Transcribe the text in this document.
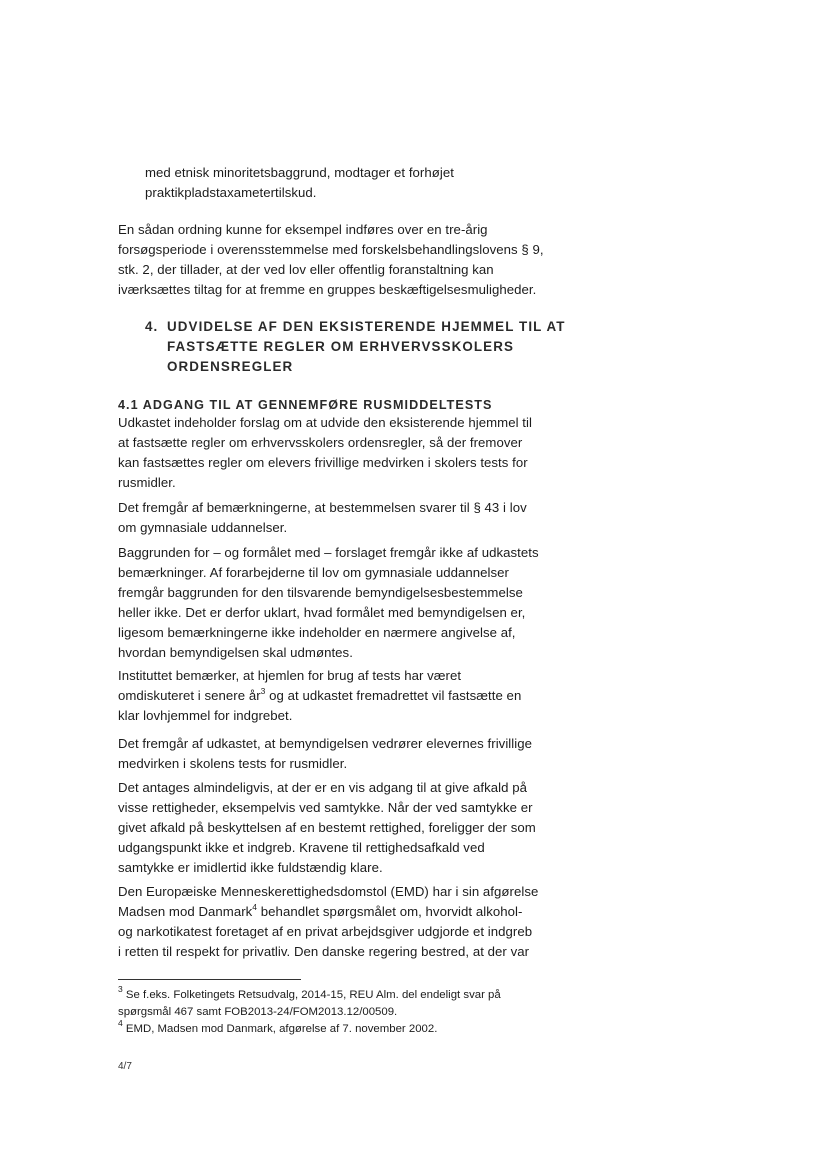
med etnisk minoritetsbaggrund, modtager et forhøjet
praktikpladstaxametertilskud.
En sådan ordning kunne for eksempel indføres over en tre-årig
forsøgsperiode i overensstemmelse med forskelsbehandlingslovens § 9,
stk. 2, der tillader, at der ved lov eller offentlig foranstaltning kan
iværksættes tiltag for at fremme en gruppes beskæftigelsesmuligheder.
4. UDVIDELSE AF DEN EKSISTERENDE HJEMMEL TIL AT
FASTSÆTTE REGLER OM ERHVERVSSKOLERS
ORDENSREGLER
4.1 ADGANG TIL AT GENNEMFØRE RUSMIDDELTESTS
Udkastet indeholder forslag om at udvide den eksisterende hjemmel til
at fastsætte regler om erhvervsskolers ordensregler, så der fremover
kan fastsættes regler om elevers frivillige medvirken i skolers tests for
rusmidler.
Det fremgår af bemærkningerne, at bestemmelsen svarer til § 43 i lov
om gymnasiale uddannelser.
Baggrunden for – og formålet med – forslaget fremgår ikke af udkastets
bemærkninger. Af forarbejderne til lov om gymnasiale uddannelser
fremgår baggrunden for den tilsvarende bemyndigelsesbestemmelse
heller ikke. Det er derfor uklart, hvad formålet med bemyndigelsen er,
ligesom bemærkningerne ikke indeholder en nærmere angivelse af,
hvordan bemyndigelsen skal udmøntes.
Instituttet bemærker, at hjemlen for brug af tests har været
omdiskuteret i senere $år^3$ og at udkastet fremadrettet vil fastsætte en
klar lovhjemmel for indgrebet.
Det fremgår af udkastet, at bemyndigelsen vedrører elevernes frivillige
medvirken i skolens tests for rusmidler.
Det antages almindeligvis, at der er en vis adgang til at give afkald på
visse rettigheder, eksempelvis ved samtykke. Når der ved samtykke er
givet afkald på beskyttelsen af en bestemt rettighed, foreligger der som
udgangspunkt ikke et indgreb. Kravene til rettighedsafkald ved
samtykke er imidlertid ikke fuldstændig klare.
Den Europæiske Menneskerettighedsdomstol (EMD) har i sin afgørelse
Madsen mod Danmark$^4$ behandlet spørgsmålet om, hvorvidt alkohol-
og narkotikatest foretaget af en privat arbejdsgiver udgjorde et indgreb
i retten til respekt for privatliv. Den danske regering bestred, at der var
$^3$ Se f.eks. Folketingets Retsudvalg, 2014-15, REU Alm. del endeligt svar på
spørgsmål 467 samt FOB2013-24/FOM2013.12/00509.
$^4$ EMD, Madsen mod Danmark, afgørelse af 7. november 2002.
4/7
